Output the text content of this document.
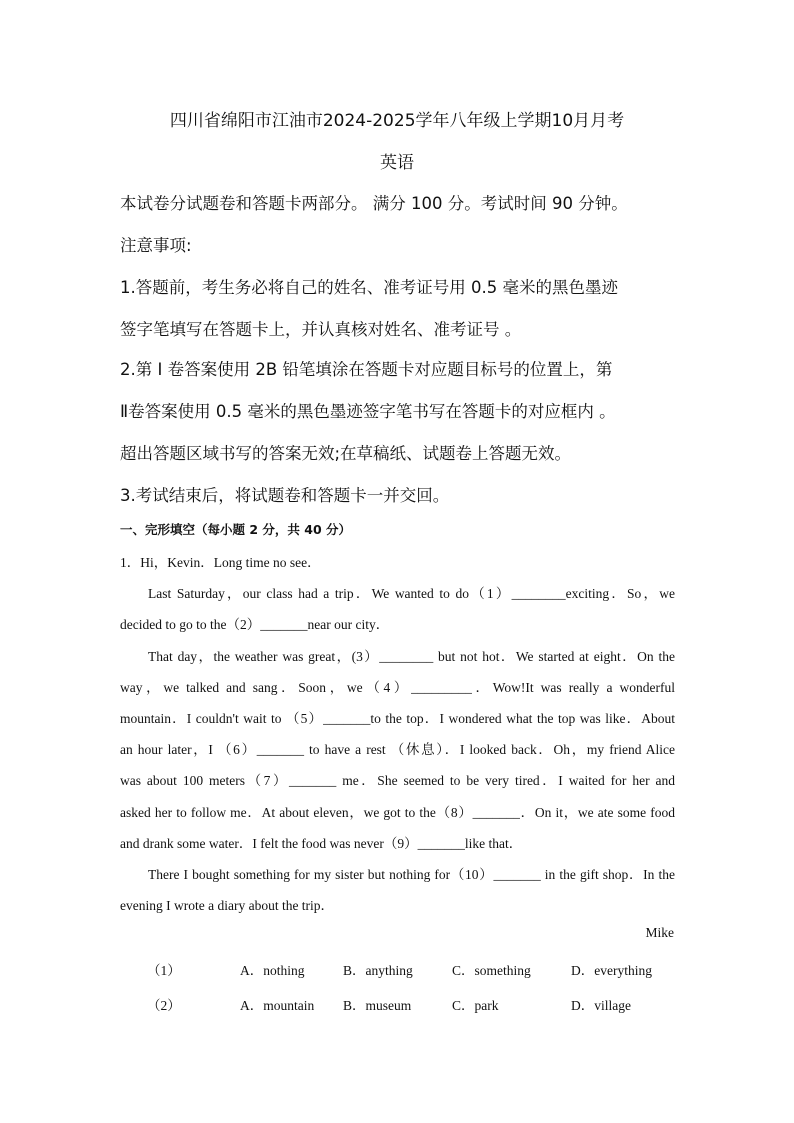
四川省绵阳市江油市2024-2025学年八年级上学期10月月考

英语

本试卷分试题卷和答题卡两部分。 满分 100 分。考试时间 90 分钟。

注意事项:

1.答题前，考生务必将自己的姓名、准考证号用 0.5 毫米的黑色墨迹

签字笔填写在答题卡上，并认真核对姓名、准考证号 。

2.第 I 卷答案使用 2B 铅笔填涂在答题卡对应题目标号的位置上，第

Ⅱ卷答案使用 0.5 毫米的黑色墨迹签字笔书写在答题卡的对应框内 。

超出答题区域书写的答案无效;在草稿纸、试题卷上答题无效。

3.考试结束后，将试题卷和答题卡一并交回。

一、完形填空（每小题 2 分，共 40 分）

1．Hi，Kevin．Long time no see．

Last Saturday，our class had a trip．We wanted to do（1）________exciting．So，we

decided to go to the（2）_______near our city．

That day，the weather was great，(3）________ but not hot．We started at eight．On the

way，we talked and sang．Soon，we（4）_________．Wow!It was really a wonderful

mountain．I couldn't wait to （5）_______to the top．I wondered what the top was like．About

an hour later，I （6）_______ to have a rest （休息）．I looked back．Oh，my friend Alice

was about 100 meters（7）_______ me．She seemed to be very tired．I waited for her and

asked her to follow me．At about eleven，we got to the（8）_______．On it，we ate some food

and drank some water．I felt the food was never（9）_______like that．

There I bought something for my sister but nothing for（10）_______ in the gift shop．In the

evening I wrote a diary about the trip．

Mike

（1）	A．nothing	B．anything	C．something	D．everything
（2）	A．mountain B．museum	C．park	D．village
